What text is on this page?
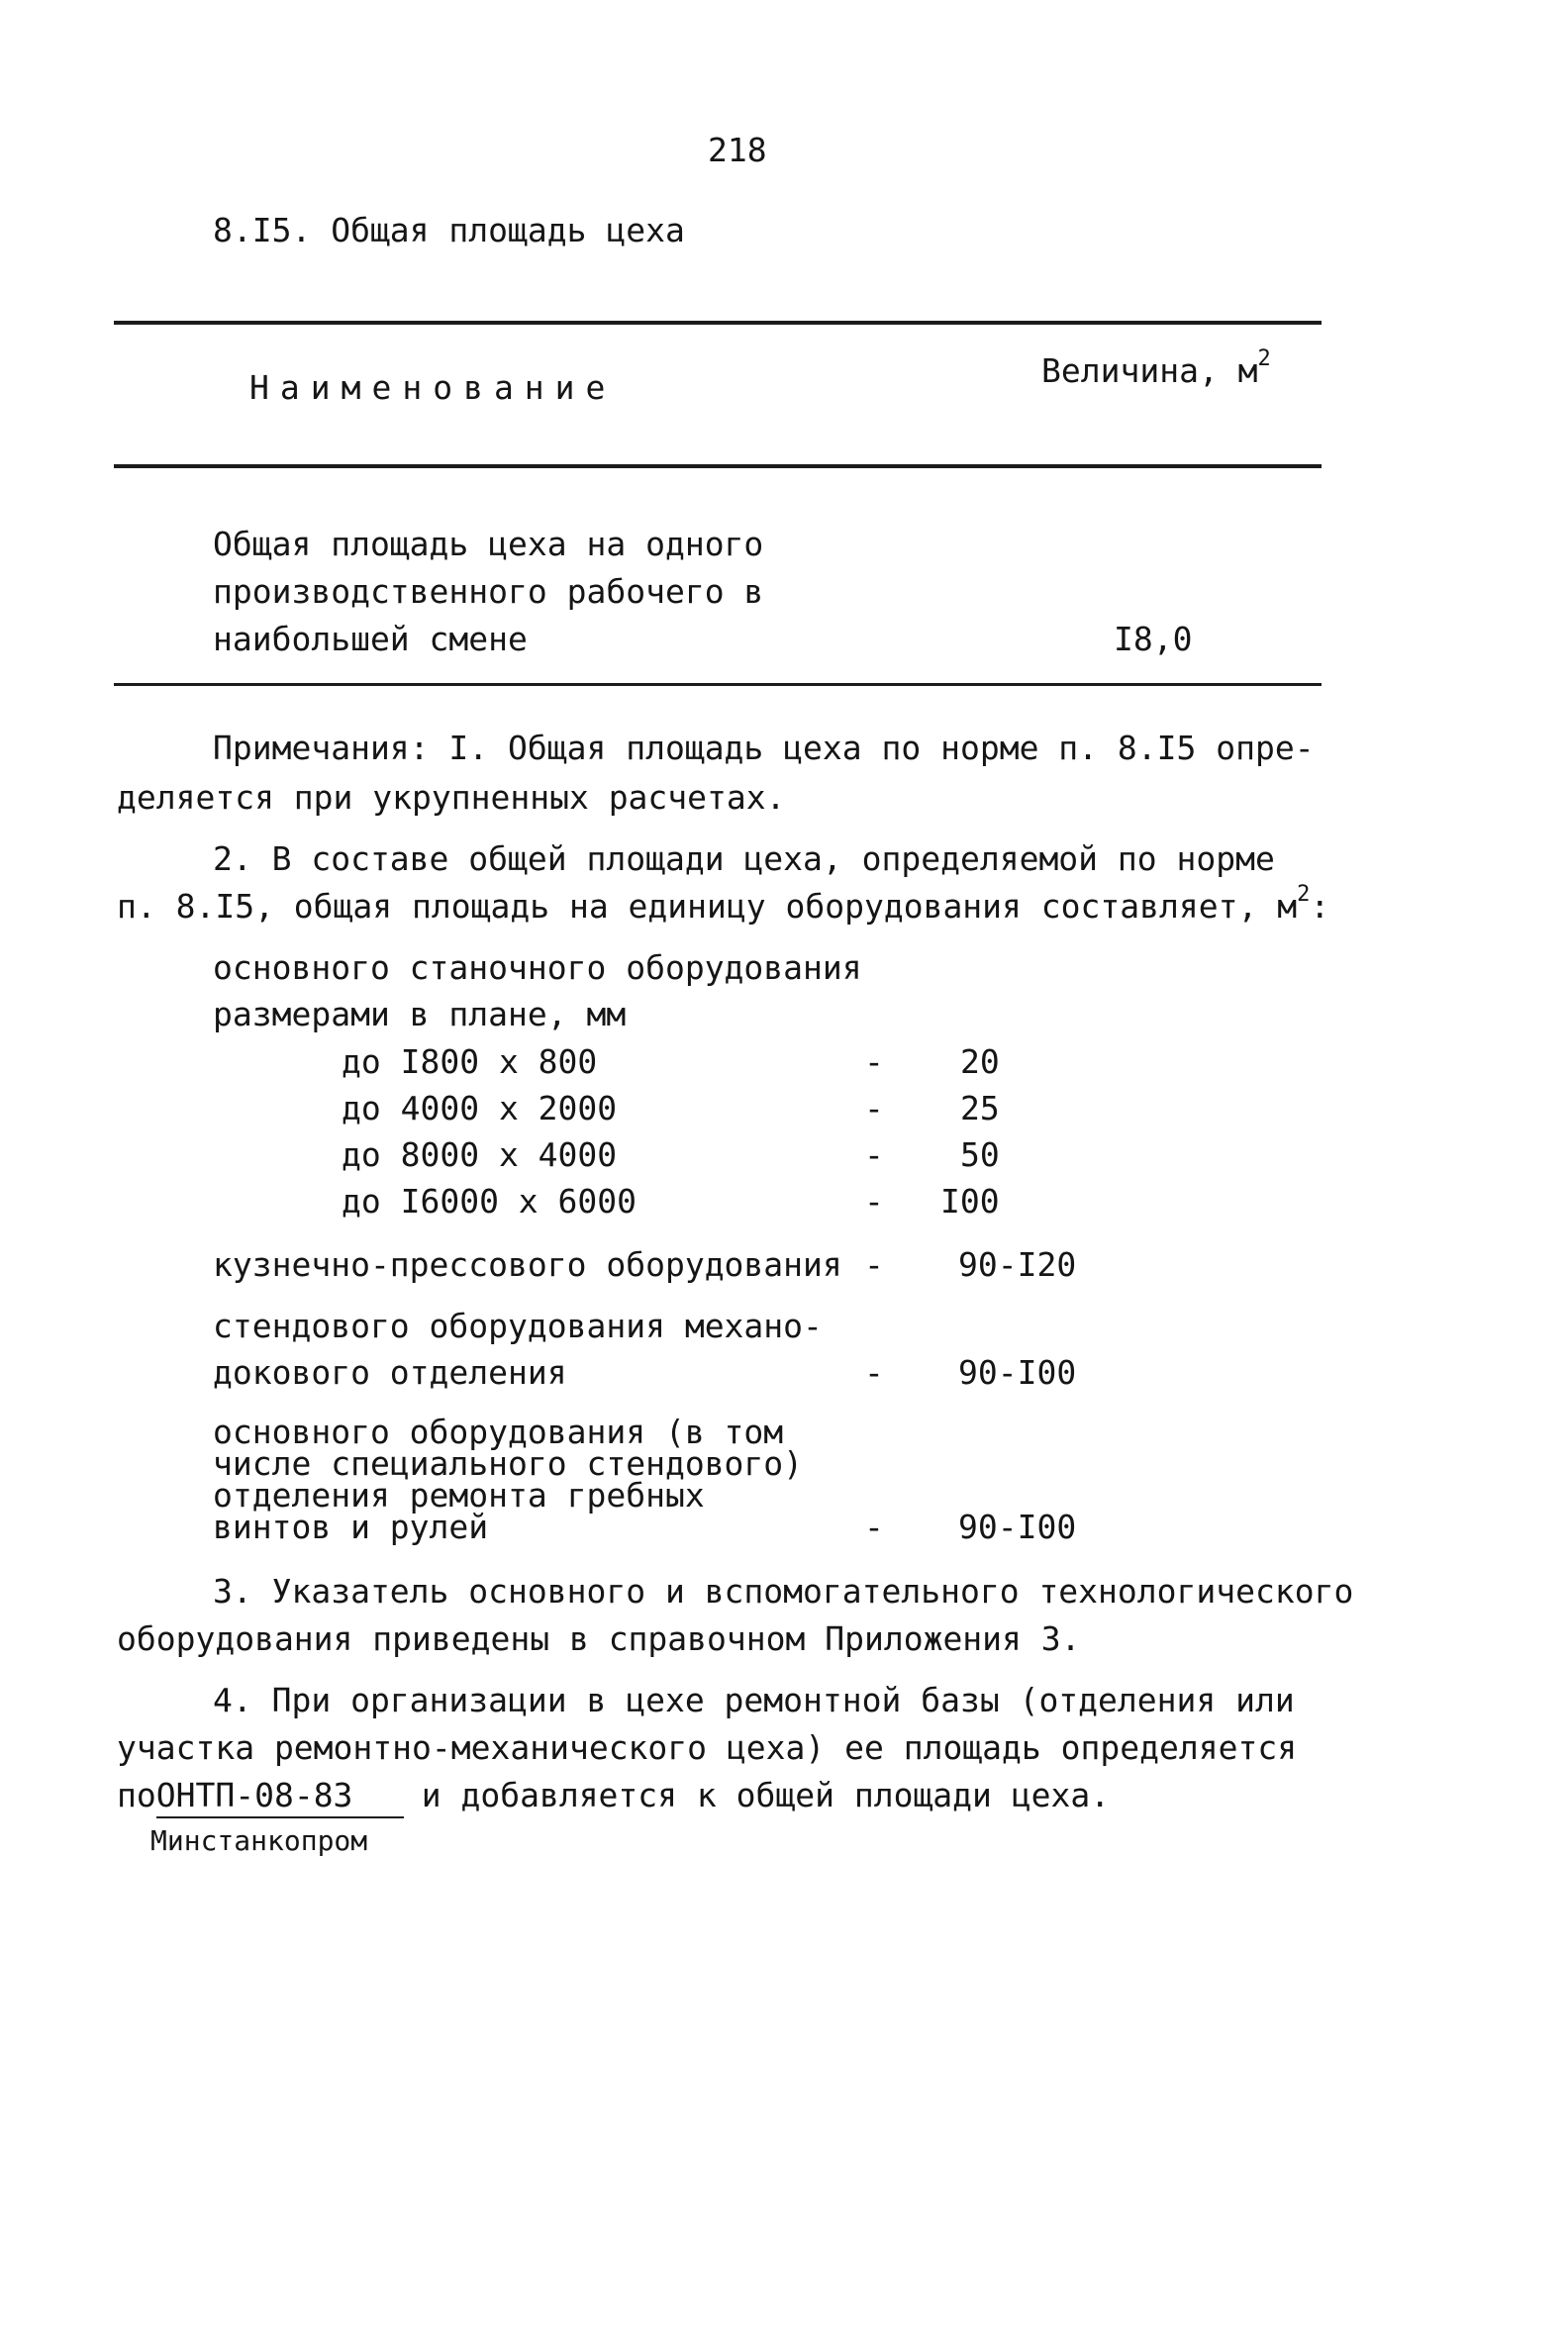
218
8.I5. Общая площадь цеха
Наименование	Величина, $м^2$
Общая площадь цеха на одного
производственного рабочего в
наибольшей смене	I8,0
Примечания: I. Общая площадь цеха по норме п. 8.I5 опре-
деляется при укрупненных расчетах.
2. В составе общей площади цеха, определяемой по норме
п. 8.I5, общая площадь на единицу оборудования составляет, $м^2$:
основного станочного оборудования
размерами в плане, мм
до I800 х 800	- 20
до 4000 х 2000	- 25
до 8000 х 4000	- 50
до I6000 х 6000	- I00
кузнечно-прессового оборудования - 90-I20
стендового оборудования механо-
докового отделения	- 90-I00
основного оборудования (в том
числе специального стендового)
отделения ремонта гребных
винтов и рулей	- 90-I00
3. Указатель основного и вспомогательного технологического
оборудования приведены в справочном Приложения 3.
4. При организации в цехе ремонтной базы (отделения или
участка ремонтно-механического цеха) ее площадь определяется
поОНТП-08-83 и добавляется к общей площади цеха.
Минстанкопром
